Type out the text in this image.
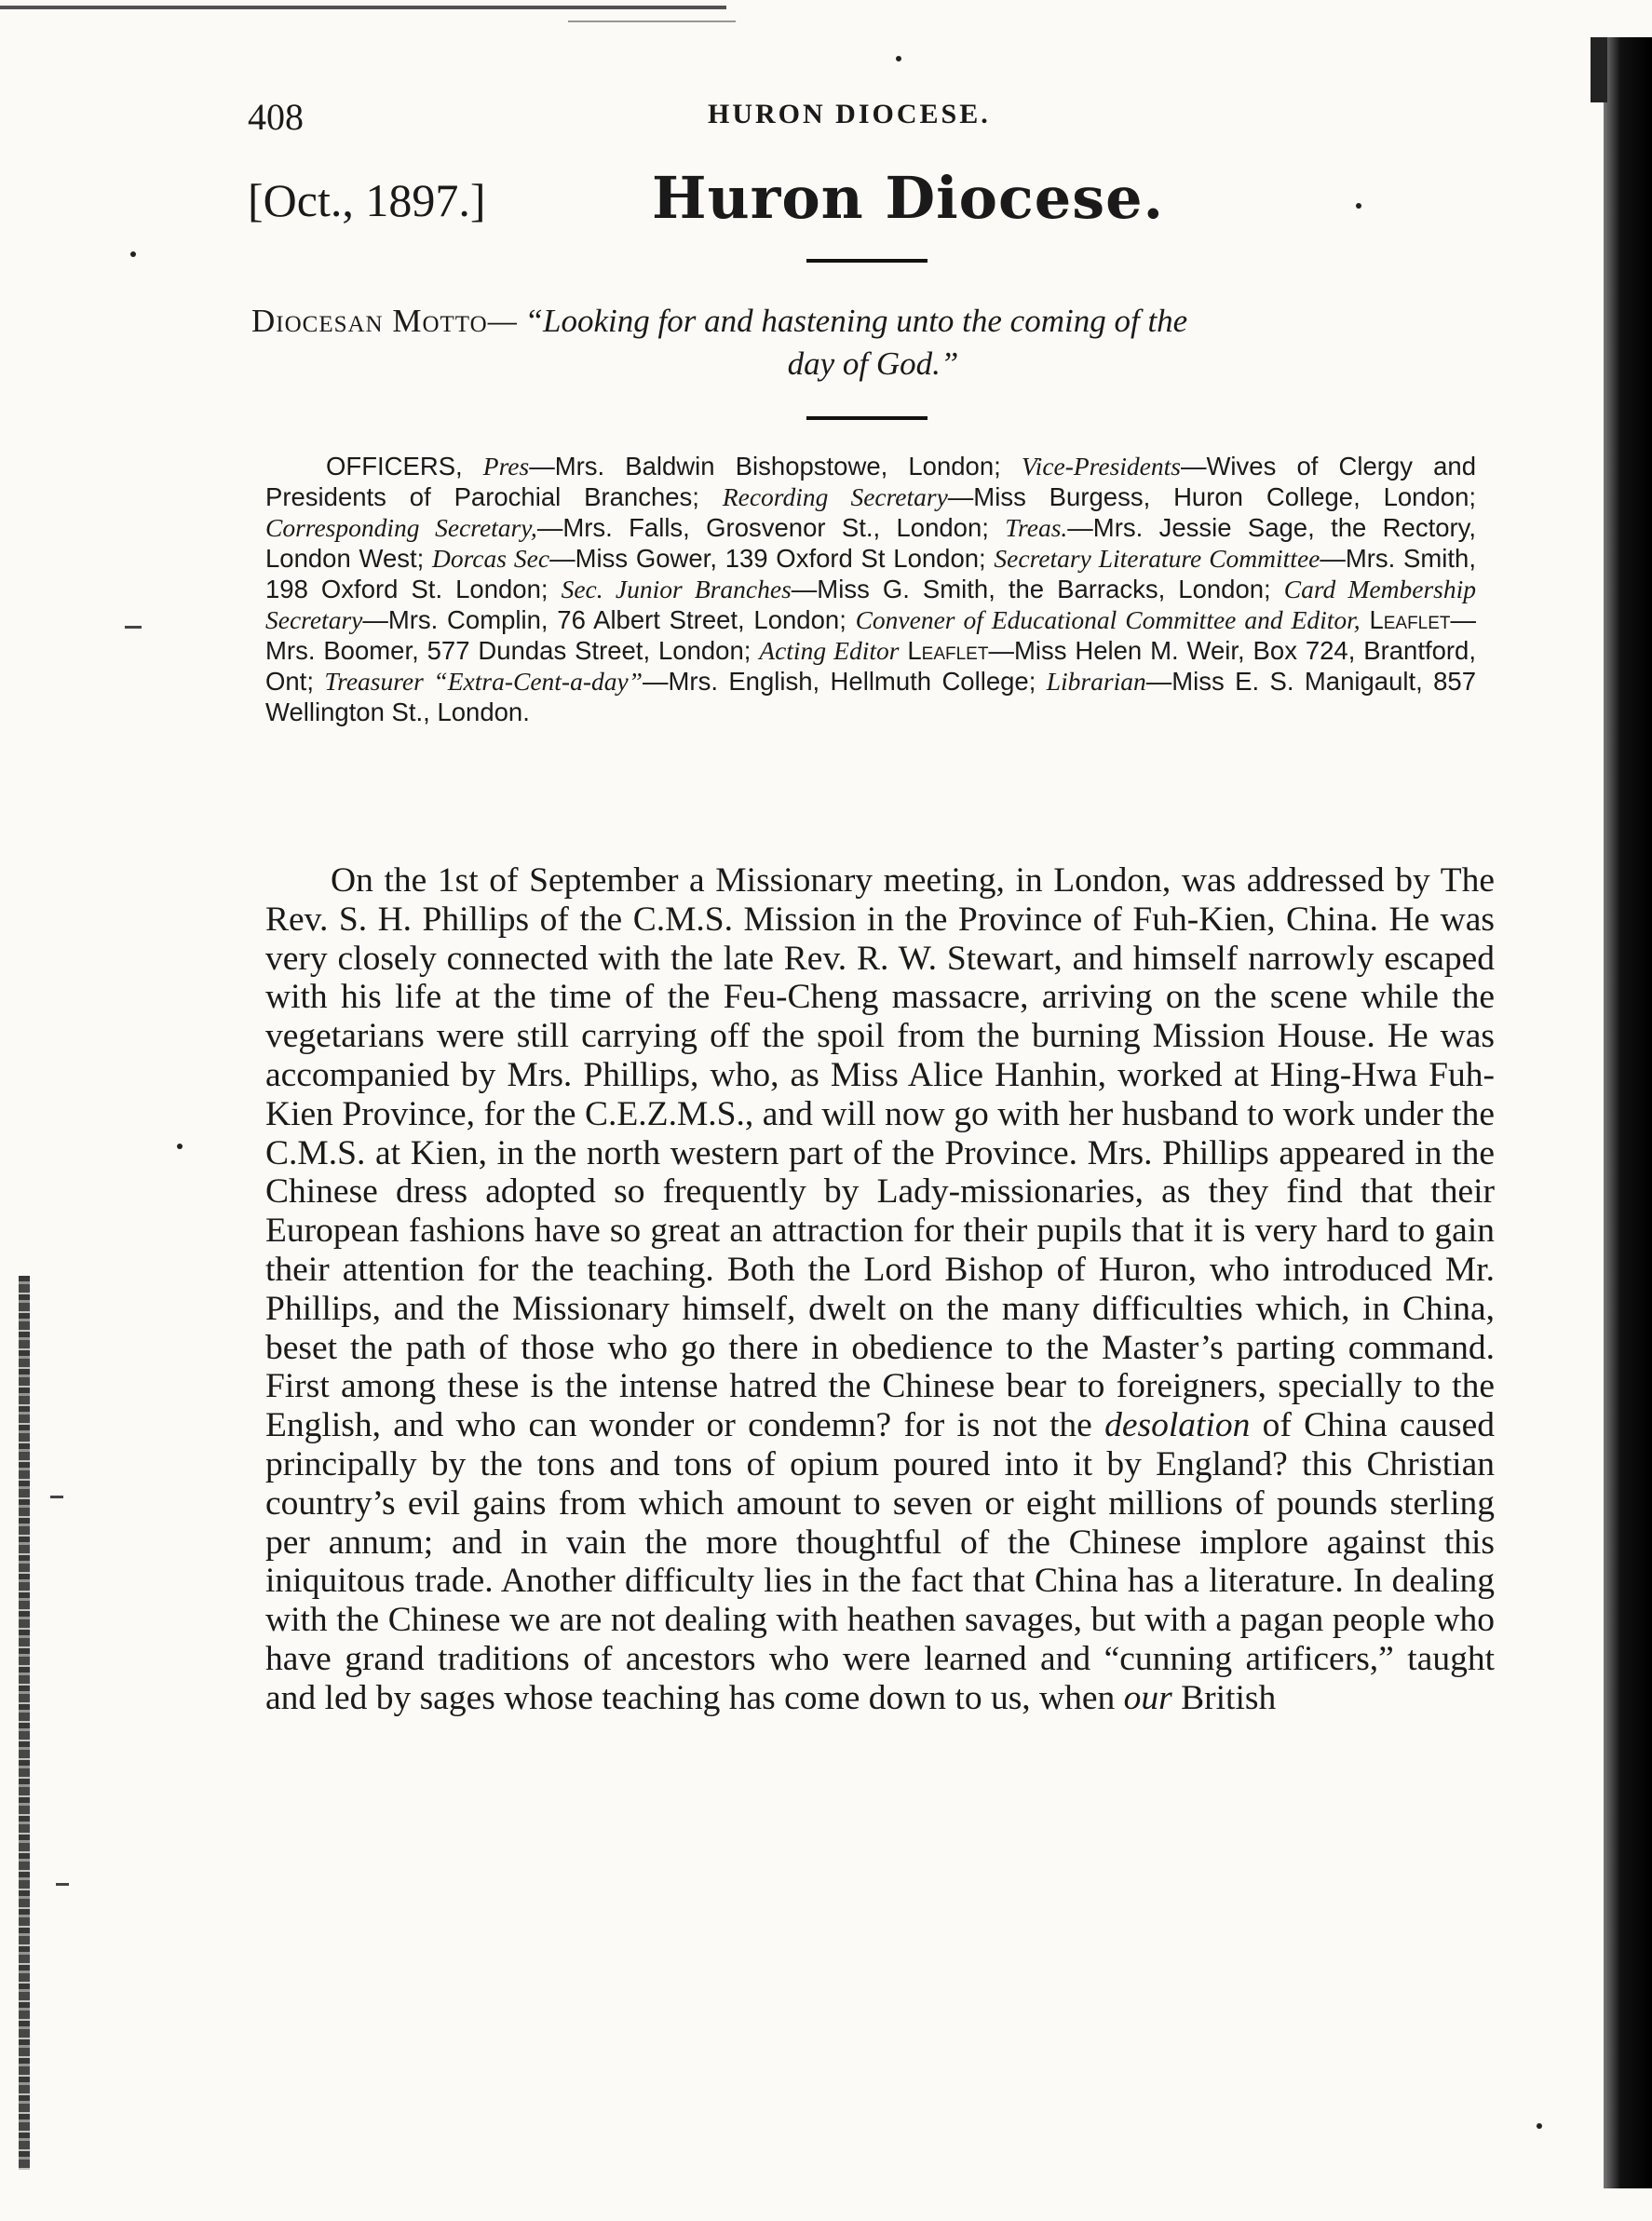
408	HURON DIOCESE.
[Oct., 1897.]	Huron Diocese.
Diocesan Motto— “Looking for and hastening unto the coming of the
day of God.”
OFFICERS, Pres—Mrs. Baldwin Bishopstowe, London; Vice-Presidents—Wives of Clergy and Presidents of Parochial Branches; Recording Secretary—Miss Burgess, Huron College, London; Corresponding Secretary,—Mrs. Falls, Grosvenor St., London; Treas.—Mrs. Jessie Sage, the Rectory, London West; Dorcas Sec—Miss Gower, 139 Oxford St London; Secretary Literature Committee—Mrs. Smith, 198 Oxford St. London; Sec. Junior Branches—Miss G. Smith, the Barracks, London; Card Membership Secretary—Mrs. Complin, 76 Albert Street, London; Convener of Educational Committee and Editor, Leaflet—Mrs. Boomer, 577 Dundas Street, London; Acting Editor Leaflet—Miss Helen M. Weir, Box 724, Brantford, Ont; Treasurer “Extra-Cent-a-day”—Mrs. English, Hellmuth College; Librarian—Miss E. S. Manigault, 857 Wellington St., London.
On the 1st of September a Missionary meeting, in London, was addressed by The Rev. S. H. Phillips of the C.M.S. Mission in the Province of Fuh-Kien, China. He was very closely connected with the late Rev. R. W. Stewart, and himself narrowly escaped with his life at the time of the Feu-Cheng massacre, arriving on the scene while the vegetarians were still carrying off the spoil from the burning Mission House. He was accompanied by Mrs. Phillips, who, as Miss Alice Hanhin, worked at Hing-Hwa Fuh-Kien Province, for the C.E.Z.M.S., and will now go with her husband to work under the C.M.S. at Kien, in the north western part of the Province. Mrs. Phillips appeared in the Chinese dress adopted so frequently by Lady-missionaries, as they find that their European fashions have so great an attraction for their pupils that it is very hard to gain their attention for the teaching. Both the Lord Bishop of Huron, who introduced Mr. Phillips, and the Missionary himself, dwelt on the many difficulties which, in China, beset the path of those who go there in obedience to the Master’s parting command. First among these is the intense hatred the Chinese bear to foreigners, specially to the English, and who can wonder or condemn? for is not the desolation of China caused principally by the tons and tons of opium poured into it by England? this Christian country’s evil gains from which amount to seven or eight millions of pounds sterling per annum; and in vain the more thoughtful of the Chinese implore against this iniquitous trade. Another difficulty lies in the fact that China has a literature. In dealing with the Chinese we are not dealing with heathen savages, but with a pagan people who have grand traditions of ancestors who were learned and “cunning artificers,” taught and led by sages whose teaching has come down to us, when our British
